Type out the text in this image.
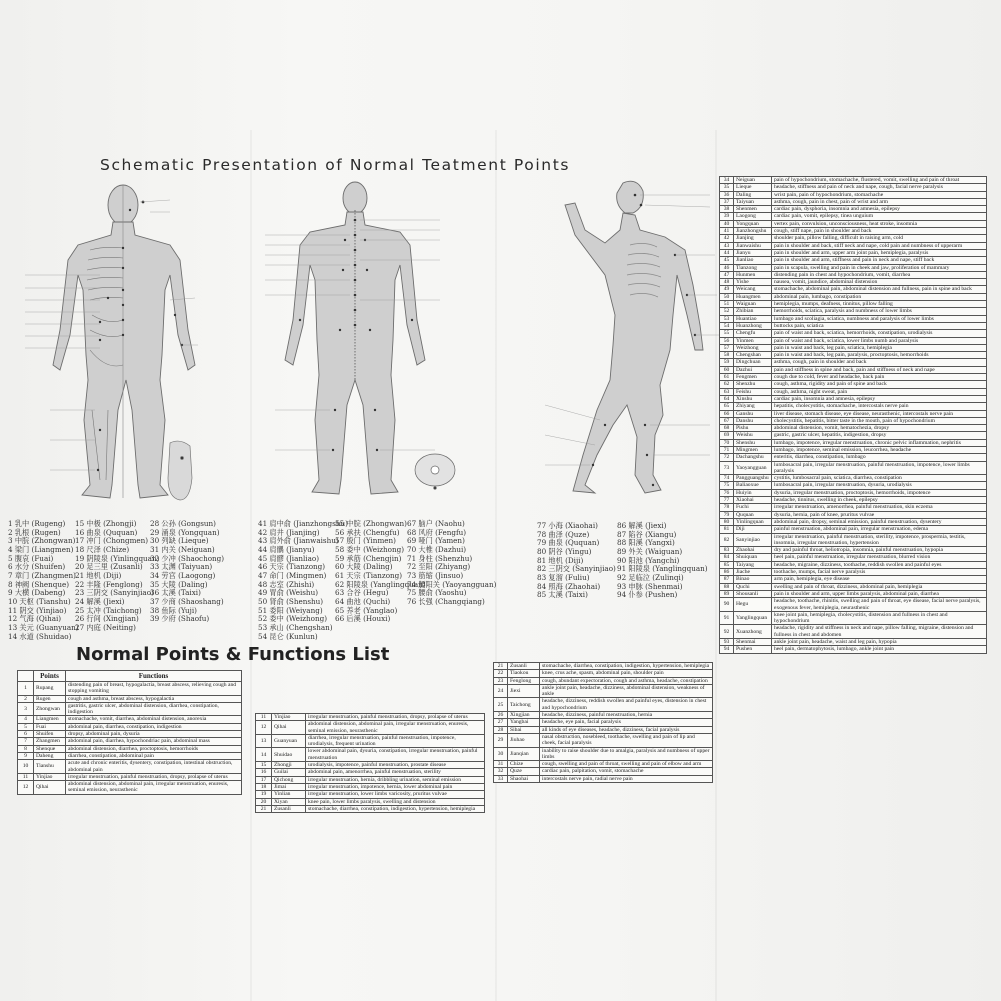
Schematic Presentation of Normal Teatment Points
1 乳中 (Rugeng)
2 乳根 (Rugen)
3 中脘 (Zhongwan)
4 梁门 (Liangmen)
5 腹哀 (Fuai)
6 水分 (Shuifen)
7 章门 (Zhangmen)
8 神阙 (Shenque)
9 大横 (Dabeng)
10 天枢 (Tianshu)
11 阴交 (Yinjiao)
12 气海 (Qihai)
13 关元 (Guanyuan)
14 水道 (Shuidao)
15 中极 (Zhongji)
16 曲泉 (Ququan)
17 冲门 (Chongmen)
18 尺泽 (Chize)
19 阴陵泉 (Yinlingquan)
20 足三里 (Zusanli)
21 地机 (Diji)
22 丰隆 (Fenglong)
23 三阴交 (Sanyinjiao)
24 解溪 (Jiexi)
25 太冲 (Taichong)
26 行间 (Xingjian)
27 内庭 (Neiting)
28 公孙 (Gongsun)
29 涌泉 (Yongquan)
30 列缺 (Lieque)
31 内关 (Neiguan)
32 少冲 (Shaochong)
33 太渊 (Taiyuan)
34 劳宫 (Laogong)
35 大陵 (Daling)
36 太溪 (Taixi)
37 少商 (Shaoshang)
38 鱼际 (Yuji)
39 少府 (Shaofu)
41 肩中俞 (Jianzhongshu)
42 肩井 (Jianjing)
43 肩外俞 (Jianwaishu)
44 肩髃 (Jianyu)
45 肩髎 (Jianliao)
46 天宗 (Tianzong)
47 命门 (Mingmen)
48 志室 (Zhishi)
49 胃俞 (Weishu)
50 肾俞 (Shenshu)
51 委阳 (Weiyang)
52 委中 (Weizhong)
53 承山 (Chengshan)
54 昆仑 (Kunlun)
55 中脘 (Zhongwan)
56 承扶 (Chengfu)
57 殷门 (Yinmen)
58 委中 (Weizhong)
59 承筋 (Chengjin)
60 大陵 (Daling)
61 天宗 (Tianzong)
62 阳陵泉 (Yanglingquan)
63 合谷 (Hegu)
64 曲池 (Quchi)
65 养老 (Yanglao)
66 后溪 (Houxi)
67 脑户 (Naohu)
68 风府 (Fengfu)
69 哑门 (Yamen)
70 大椎 (Dazhui)
71 身柱 (Shenzhu)
72 至阳 (Zhiyang)
73 筋缩 (Jinsuo)
74 腰阳关 (Yaoyangguan)
75 腰俞 (Yaoshu)
76 长强 (Changqiang)
77 小海 (Xiaohai)
78 曲泽 (Quze)
79 曲泉 (Ququan)
80 阴谷 (Yingu)
81 地机 (Diji)
82 三阴交 (Sanyinjiao)
83 复溜 (Fuliu)
84 照海 (Zhaohai)
85 太溪 (Taixi)
86 解溪 (Jiexi)
87 陷谷 (Xiangu)
88 阳溪 (Yangxi)
89 外关 (Waiguan)
90 阳池 (Yangchi)
91 阳陵泉 (Yanglingquan)
92 足临泣 (Zulinqi)
93 申脉 (Shenmai)
94 仆参 (Pushen)
Normal Points & Functions List
	Points	Functions
1	Rupang	distending pain of breast, hypogalactia, breast abscess, relieving cough and stopping vomiting
2	Rugen	cough and asthma, breast abscess, hypogalactia
3	Zhongwan	gastritis, gastric ulcer, abdominal distension, diarrhea, constipation, indigestion
4	Liangmen	stomachache, vomit, diarrhea, abdominal distension, anorexia
5	Fuai	abdominal pain, diarrhea, constipation, indigestion
6	Shuifen	dropsy, abdominal pain, dysuria
7	Zhangmen	abdominal pain, diarrhea, hypochondriac pain, abdominal mass
8	Shenque	abdominal distension, diarrhea, proctoptosis, hemorrhoids
9	Daheng	diarrhea, constipation, abdominal pain
10	Tianshu	acute and chronic enteritis, dysentery, constipation, intestinal obstruction, abdominal pain
11	Yinjiao	irregular menstruation, painful menstruation, dropsy, prolapse of uterus
12	Qihai	abdominal distension, abdominal pain, irregular menstruation, enuresis, seminal emission, neurasthenic
11	Yinjiao	irregular menstruation, painful menstruation, dropsy, prolapse of uterus
12	Qihai	abdominal distension, abdominal pain, irregular menstruation, enuresis, seminal emission, neurasthenic
13	Guanyuan	diarrhea, irregular menstruation, painful menstruation, impotence, urodialysis, frequent urination
14	Shuidao	lower abdominal pain, dysuria, constipation, irregular menstruation, painful menstruation
15	Zhongji	urodialysis, impotence, painful menstruation, prostate disease
16	Guilai	abdominal pain, amenorrhea, painful menstruation, sterility
17	Qichong	irregular menstruation, hernia, dribbling urination, seminal emission
18	Jimai	irregular menstruation, impotence, hernia, lower abdominal pain
19	Yinlian	irregular menstruation, lower limbs varicosity, pruritus vulvae
20	Xiyan	knee pain, lower limbs paralysis, swelling and distension
21	Zusanli	stomachache, diarrhea, constipation, indigestion, hypertension, hemiplegia
21	Zusanli	stomachache, diarrhea, constipation, indigestion, hypertension, hemiplegia
22	Tiaokou	knee, crus ache, spasm, abdominal pain, shoulder pain
23	Fenglong	cough, abundant expectoration, cough and asthma, headache, constipation
24	Jiexi	ankle joint pain, headache, dizziness, abdominal distension, weakness of ankle
25	Taichong	headache, dizziness, reddish swollen and painful eyes, distension in chest and hypochondrium
26	Xingjian	headache, dizziness, painful menstruation, hernia
27	Yangbai	headache, eye pain, facial paralysis
28	Sibai	all kinds of eye diseases, headache, dizziness, facial paralysis
29	Jiuhao	nasal obstruction, nosebleed, toothache, swelling and pain of lip and cheek, facial paralysis
30	Jianqian	inability to raise shoulder due to amalgia, paralysis and numbness of upper limbs
31	Chize	cough, swelling and pain of throat, swelling and pain of elbow and arm
32	Quze	cardiac pain, palpitation, vomit, stomachache
33	Shaohai	intercostals nerve pain, radial nerve pain
34	Neiguan	pain of hypochondrium, stomachache, flustered, vomit, swelling and pain of throat
35	Lieque	headache, stiffness and pain of neck and nape, cough, facial nerve paralysis
36	Daling	wrist pain, pain of hypochondrium, stomachache
37	Taiyuan	asthma, cough, pain in chest, pain of wrist and arm
38	Shenmen	cardiac pain, dysphoria, insomnia and amnesia, epilepsy
39	Laogong	cardiac pain, vomit, epilepsy, tinea unguium
40	Yongquan	vertex pain, convulsion, unconsciousness, heat stroke, insomnia
41	Jianzhongshu	cough, stiff nape, pain in shoulder and back
42	Jianjing	shoulder pain, pillow falling, difficult in raising arm, cold
43	Jianwaishu	pain in shoulder and back, stiff neck and nape, cold pain and numbness of upperarm
44	Jianyu	pain in shoulder and arm, upper arm joint pain, hemiplegia, paralysis
45	Jianliao	pain in shoulder and arm, stiffness and pain in neck and nape, stiff back
46	Tianzong	pain in scapula, swelling and pain in cheek and jaw, proliferation of mammary
47	Hunmen	distending pain in chest and hypochondrium, vomit, diarrhea
48	Yishe	nausea, vomit, jaundice, abdominal distension
49	Weicang	stomachache, abdominal pain, abdominal distension and fullness, pain in spine and back
50	Huangmen	abdominal pain, lumbago, constipation
51	Waiguan	hemiplegia, mumps, deafness, tinnitus, pillow falling
52	Zhibian	hemorrhoids, sciatica, paralysis and numbness of lower limbs
53	Huantiao	lumbago and scoliagia, sciatica, numbness and paralysis of lower limbs
54	Huanzhong	buttocks pain, sciatica
55	Chengfu	pain of waist and back, sciatica, hemorrhoids, constipation, urodialysis
56	Yinmen	pain of waist and back, sciatica, lower limbs numb and paralysis
57	Weizhong	pain in waist and back, leg pain, sciatica, hemiplegia
58	Chengshan	pain in waist and back, leg pain, paralysis, proctoptosis, hemorrhoids
59	Dingchuan	asthma, cough, pain in shoulder and back
60	Dazhui	pain and stiffness in spine and back, pain and stiffness of neck and nape
61	Fengmen	cough due to cold, fever and headache, back pain
62	Shenzhu	cough, asthma, rigidity and pain of spine and back
63	Feishu	cough, asthma, night sweat, pain
64	Xinshu	cardiac pain, insomnia and amnesia, epilepsy
65	Zhiyang	hepatitis, cholecystitis, stomachache, intercostals nerve pain
66	Ganshu	liver disease, stomach disease, eye disease, neurasthenic, intercostals nerve pain
67	Danshu	cholecystitis, hepatitis, bitter taste in the mouth, pain of hypochondrium
68	Pishu	abdominal distension, vomit, hematochezia, dropsy
69	Weishu	gastric, gastric ulcer, hepatitis, indigestion, dropsy
70	Shenshu	lumbago, impotence, irregular menstruation, chronic pelvic inflammation, nephritis
71	Mingmen	lumbago, impotence, seminal emission, leucorrhea, headache
72	Dachangshu	enteritis, diarrhea, constipation, lumbago
73	Yaoyangguan	lumbosacral pain, irregular menstruation, painful menstruation, impotence, lower limbs paralysis
74	Pangguangshu	cystitis, lumbosacral pain, sciatica, diarrhea, constipation
75	Baliaoxue	lumbosacral pain, irregular menstruation, dysuria, urodialysis
76	Huiyin	dysuria, irregular menstruation, proctoptosis, hemorrhoids, impotence
77	Xiaohai	headache, tinnitus, swelling in cheek, epilepsy
78	Fuchi	irregular menstruation, amenorrhea, painful menstruation, skin eczema
79	Ququan	dysuria, hernia, pain of knee, pruritus vulvae
80	Yinlingquan	abdominal pain, dropsy, seminal emission, painful menstruation, dysentery
81	Diji	painful menstruation, abdominal pain, irregular menstruation, edema
82	Sanyinjiao	irregular menstruation, painful menstruation, sterility, impotence, prospermia, testitis, insomnia, irregular menstruation, hypertension
83	Zhaohai	dry and painful throat, heliotropia, insomnia, painful menstruation, hypopia
84	Shuiquan	heel pain, painful menstruation, irregular menstruation, blurred vision
85	Taiyang	headache, migraine, dizziness, toothache, reddish swollen and painful eyes
86	Jiache	toothache, mumps, facial nerve paralysis
87	Binao	arm pain, hemiplegia, eye disease
88	Quchi	swelling and pain of throat, dizziness, abdominal pain, hemiplegia
89	Shousanli	pain in shoulder and arm, upper limbs paralysis, abdominal pain, diarrhea
90	Hegu	headache, toothache, rhinitis, swelling and pain of throat, eye disease, facial nerve paralysis, exogenous fever, hemiplegia, neurasthenic
91	Yanglingquan	knee joint pain, hemiplegia, cholecystitis, distension and fullness in chest and hypochondrium
92	Xuanzhong	headache, rigidity and stiffness in neck and nape, pillow falling, migraine, distension and fullness in chest and abdomen
93	Shenmai	ankle joint pain, headache, waist and leg pain, hypopia
94	Pushen	heel pain, dermatophytosis, lumbago, ankle joint pain
